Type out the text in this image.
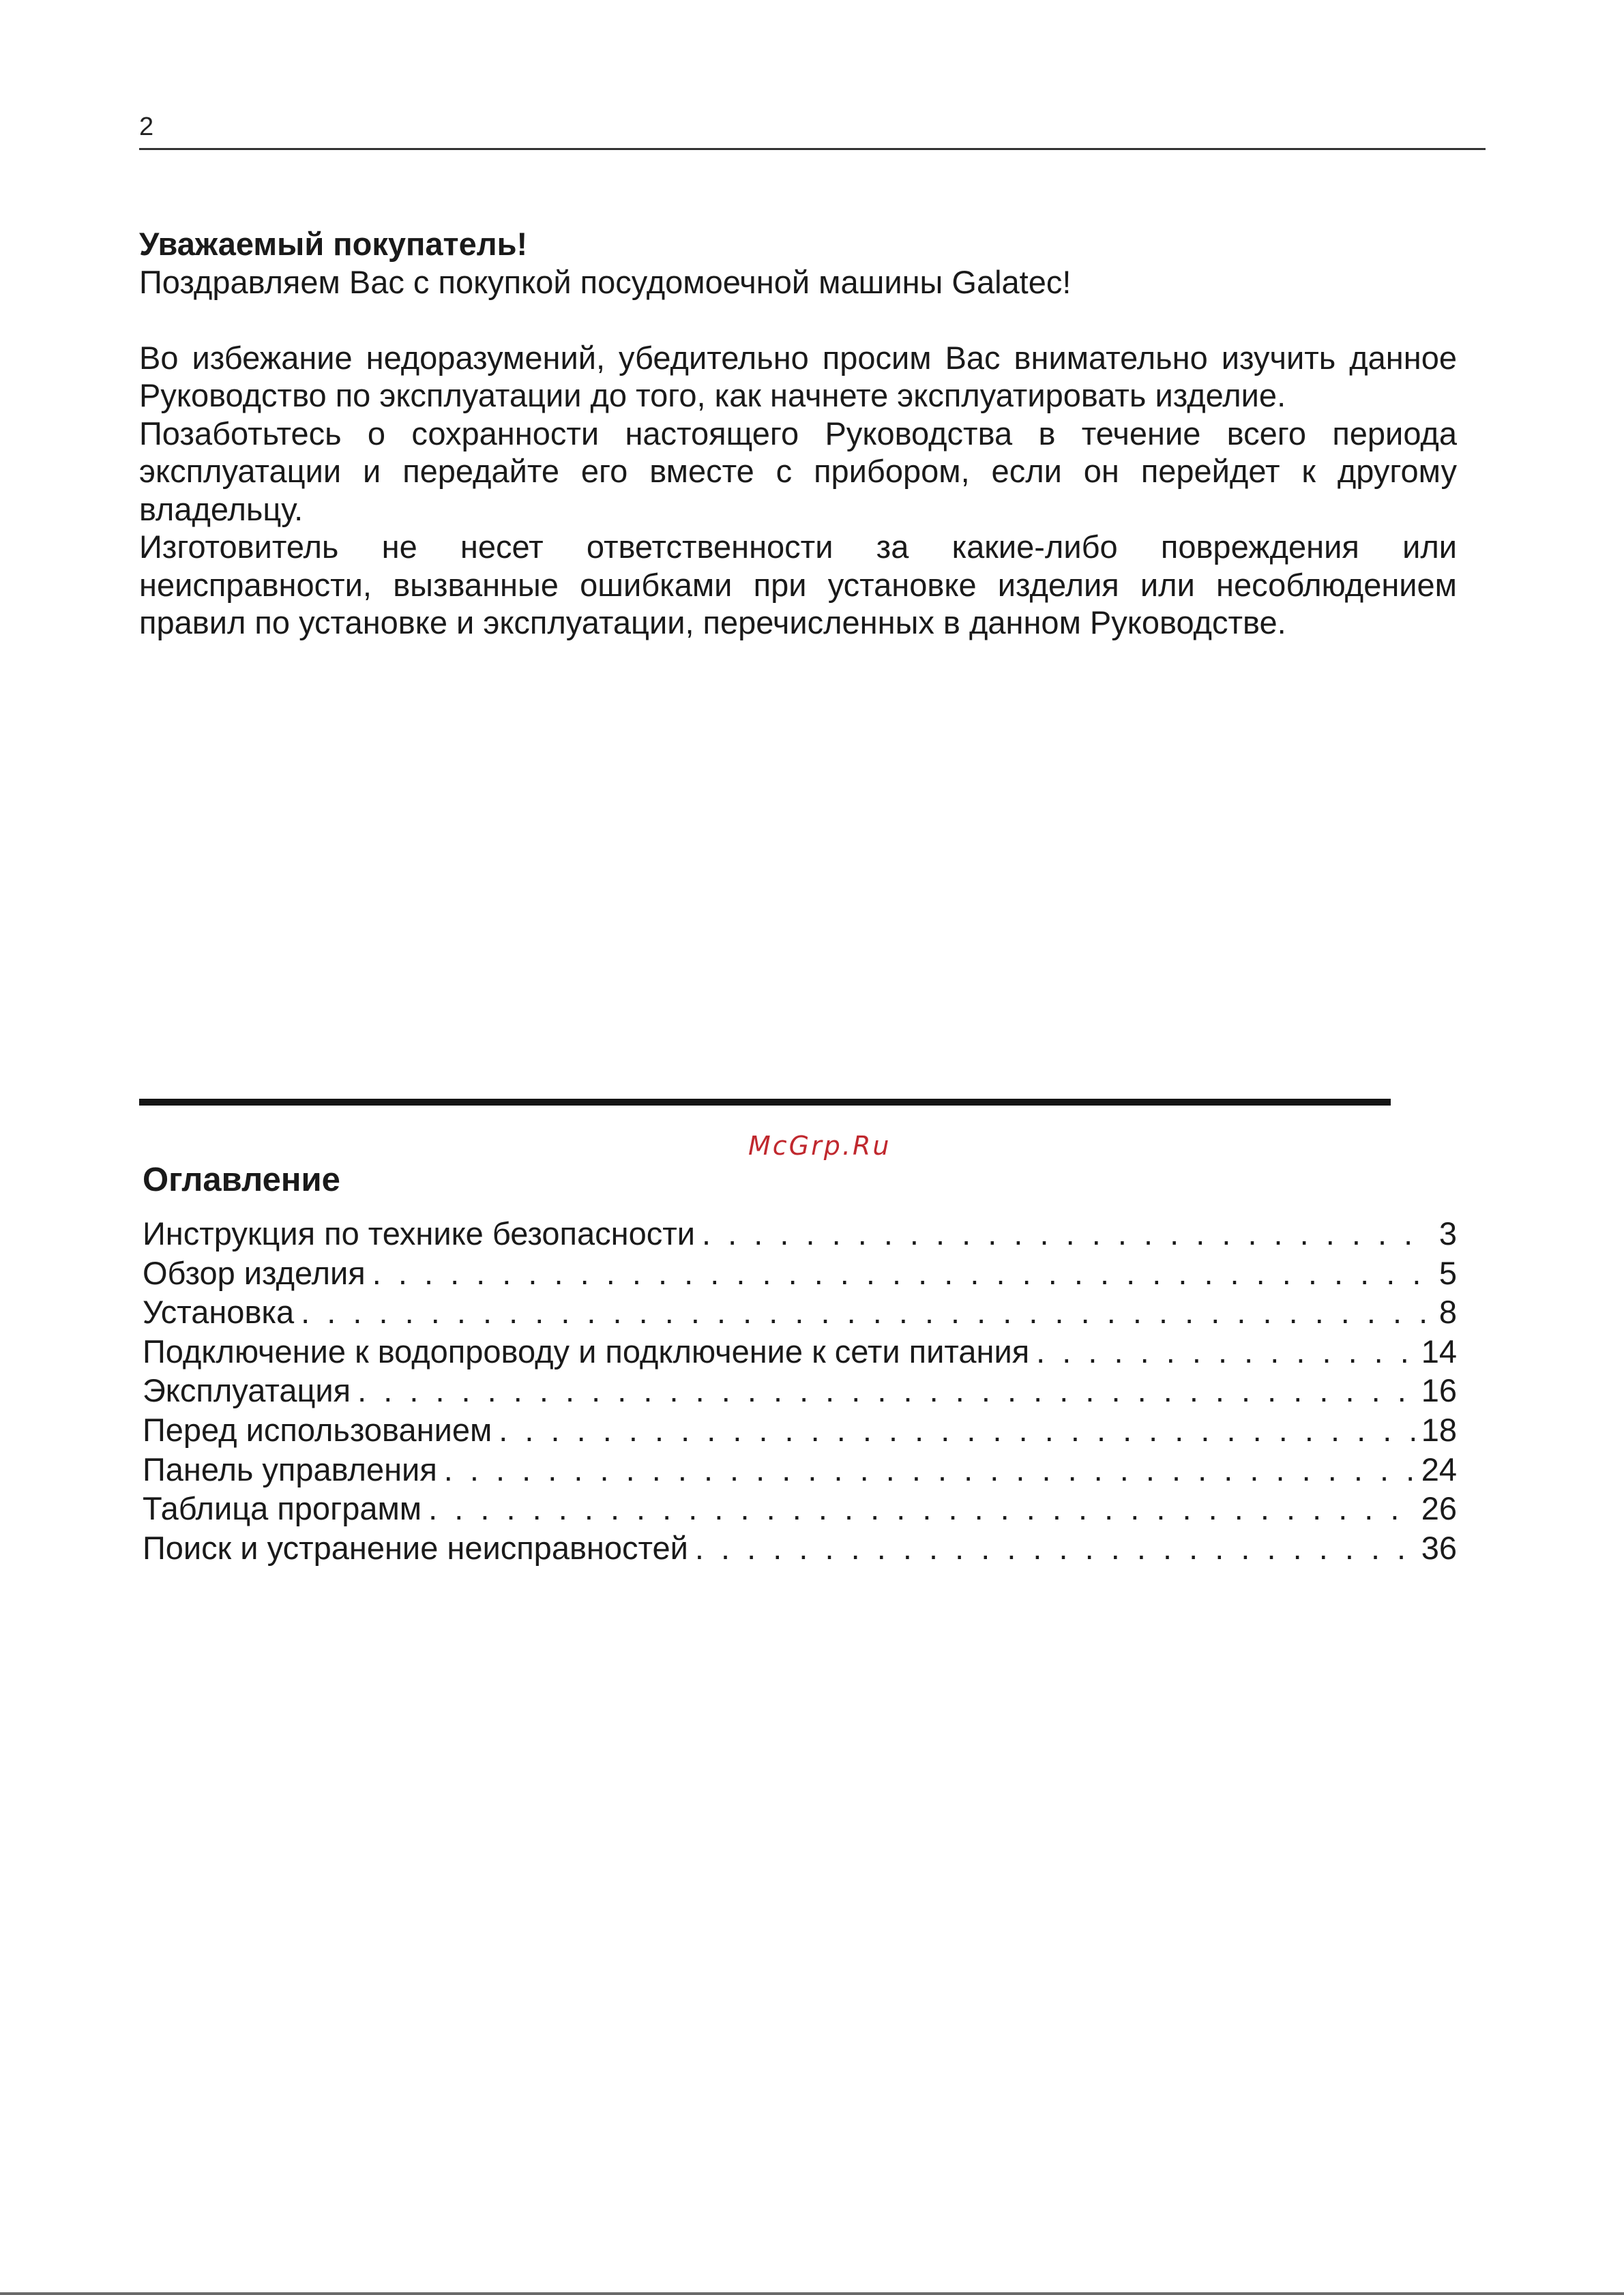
2

Уважаемый покупатель!

Поздравляем Вас с покупкой посудомоечной машины Galatec!

Во избежание недоразумений, убедительно просим Вас внимательно изучить данное Руководство по эксплуатации до того, как начнете эксплуатировать изделие.

Позаботьтесь о сохранности настоящего Руководства в течение всего периода эксплуатации и передайте его вместе с прибором, если он перейдет к другому владельцу.

Изготовитель не несет ответственности за какие-либо повреждения или неисправности, вызванные ошибками при установке изделия или несоблюдением правил по установке и эксплуатации, перечисленных в данном Руководстве.

McGrp.Ru
Оглавление
Инструкция по технике безопасности . . .	3
Обзор изделия . . .	5
Установка . . .	8
Подключение к водопроводу и подключение к сети питания . . .	14
Эксплуатация . . .	16
Перед использованием . . .	18
Панель управления . . .	24
Таблица программ . . .	26
Поиск и устранение неисправностей . . .	36
